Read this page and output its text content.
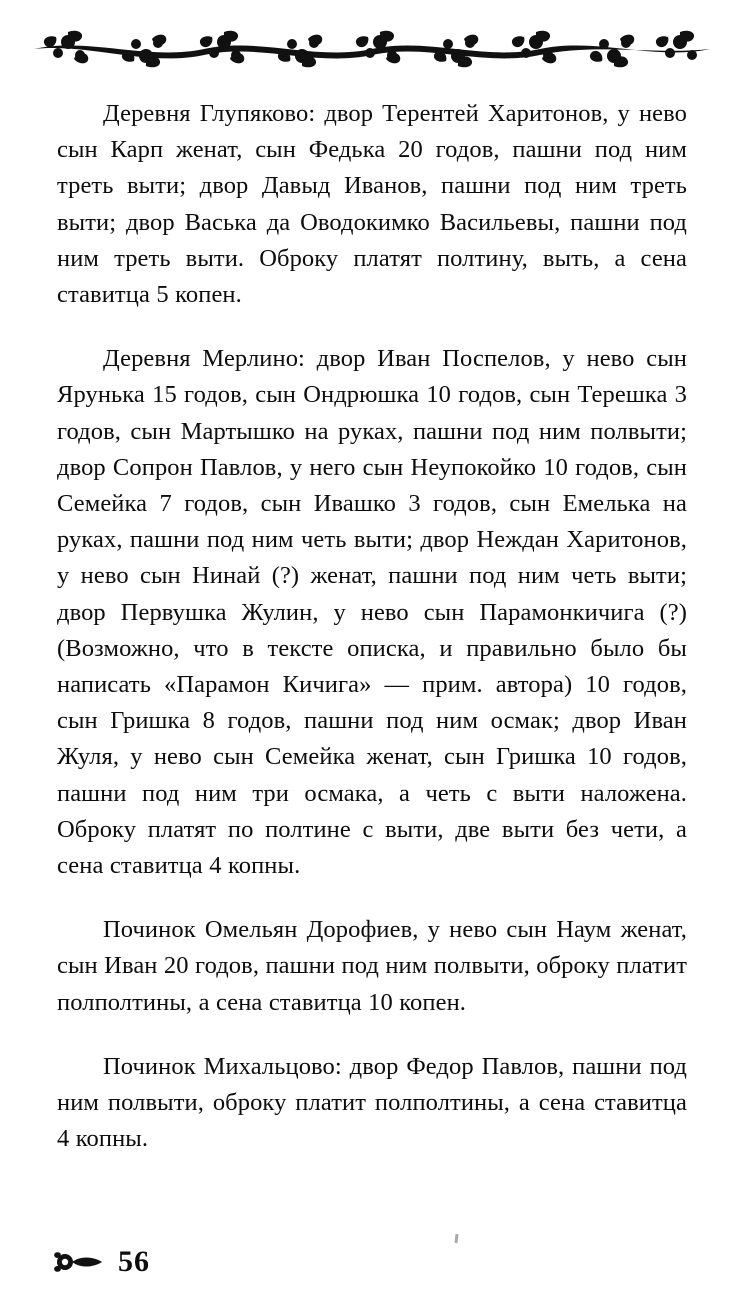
Деревня Глупяково: двор Терентей Харитонов, у нево сын Карп женат, сын Федька 20 годов, пашни под ним треть выти; двор Давыд Иванов, пашни под ним треть выти; двор Васька да Оводокимко Васильевы, пашни под ним треть выти. Оброку платят полтину, выть, а сена ставитца 5 копен.

Деревня Мерлино: двор Иван Поспелов, у нево сын Ярунька 15 годов, сын Ондрюшка 10 годов, сын Терешка 3 годов, сын Мартышко на руках, пашни под ним полвыти; двор Сопрон Павлов, у него сын Неупокойко 10 годов, сын Семейка 7 годов, сын Ивашко 3 годов, сын Емелька на руках, пашни под ним четь выти; двор Неждан Харитонов, у нево сын Нинай (?) женат, пашни под ним четь выти; двор Первушка Жулин, у нево сын Парамонкичига (?) (Возможно, что в тексте описка, и правильно было бы написать «Парамон Кичига» — прим. автора) 10 годов, сын Гришка 8 годов, пашни под ним осмак; двор Иван Жуля, у нево сын Семейка женат, сын Гришка 10 годов, пашни под ним три осмака, а четь с выти наложена. Оброку платят по полтине с выти, две выти без чети, а сена ставитца 4 копны.

Починок Омельян Дорофиев, у нево сын Наум женат, сын Иван 20 годов, пашни под ним полвыти, оброку платит полполтины, а сена ставитца 10 копен.

Починок Михальцово: двор Федор Павлов, пашни под ним полвыти, оброку платит полполтины, а сена ставитца 4 копны.

56
